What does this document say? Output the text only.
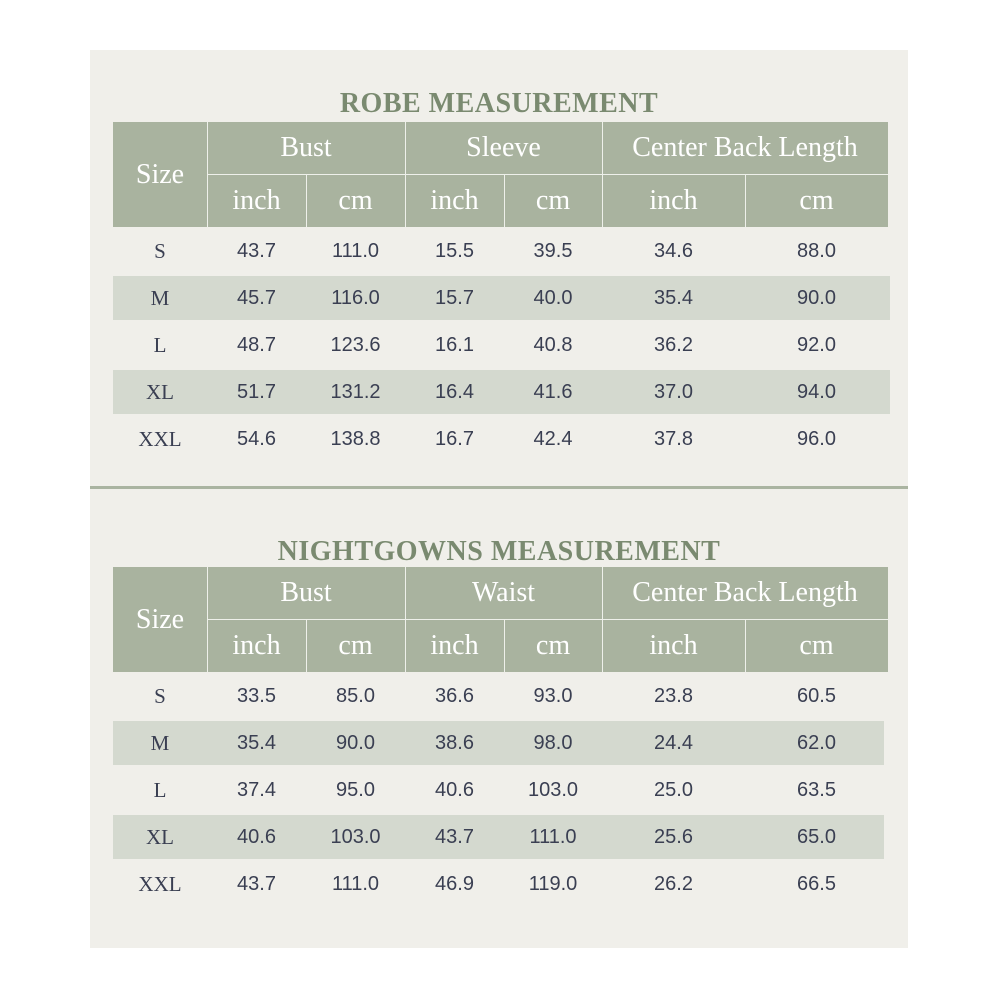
ROBE MEASUREMENT
Size
Bust	Sleeve	Center Back Length
inch	cm	inch	cm	inch	cm
S	43.7	111.0	15.5	39.5	34.6	88.0
M	45.7	116.0	15.7	40.0	35.4	90.0
L	48.7	123.6	16.1	40.8	36.2	92.0
XL	51.7	131.2	16.4	41.6	37.0	94.0
XXL	54.6	138.8	16.7	42.4	37.8	96.0
NIGHTGOWNS MEASUREMENT
Size
Bust	Waist	Center Back Length
inch	cm	inch	cm	inch	cm
S	33.5	85.0	36.6	93.0	23.8	60.5
M	35.4	90.0	38.6	98.0	24.4	62.0
L	37.4	95.0	40.6	103.0	25.0	63.5
XL	40.6	103.0	43.7	111.0	25.6	65.0
XXL	43.7	111.0	46.9	119.0	26.2	66.5
